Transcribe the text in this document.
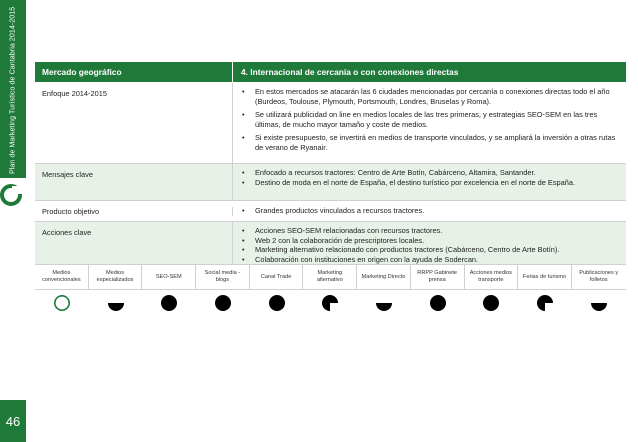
Plan de Marketing Turístico de Cantabria 2014-2015
46
Mercado geográfico	4. Internacional de cercanía o con conexiones directas
Enfoque 2014-2015	• En estos mercados se atacarán las 6 ciudades mencionadas por cercanía o conexiones directas todo el año (Burdeos, Toulouse, Plymouth, Portsmouth, Londres, Bruselas y Roma).
• Se utilizará publicidad on line en medios locales de las tres primeras, y estrategias SEO-SEM en las tres últimas, de mucho mayor tamaño y coste de medios.
• Si existe presupuesto, se invertirá en medios de transporte vinculados, y se ampliará la inversión a otras rutas de verano de Ryanair.
Mensajes clave	• Enfocado a recursos tractores: Centro de Arte Botín, Cabárceno, Altamira, Santander.
• Destino de moda en el norte de España, el destino turístico por excelencia en el norte de España.
Producto objetivo	• Grandes productos vinculados a recursos tractores.
Acciones clave	• Acciones SEO-SEM relacionadas con recursos tractores.
• Web 2 con la colaboración de prescriptores locales.
• Marketing alternativo relacionado con productos tractores (Cabárceno, Centro de Arte Botín).
• Colaboración con instituciones en origen con la ayuda de Sodercan.
Medios convencionales
Medios especializados
SEO-SEM
Social media - blogs
Canal Trade
Marketing alternativo
Marketing Directo
RRPP Gabinete prensa
Acciones medios transporte
Ferias de turismo
Publicaciones y folletos
